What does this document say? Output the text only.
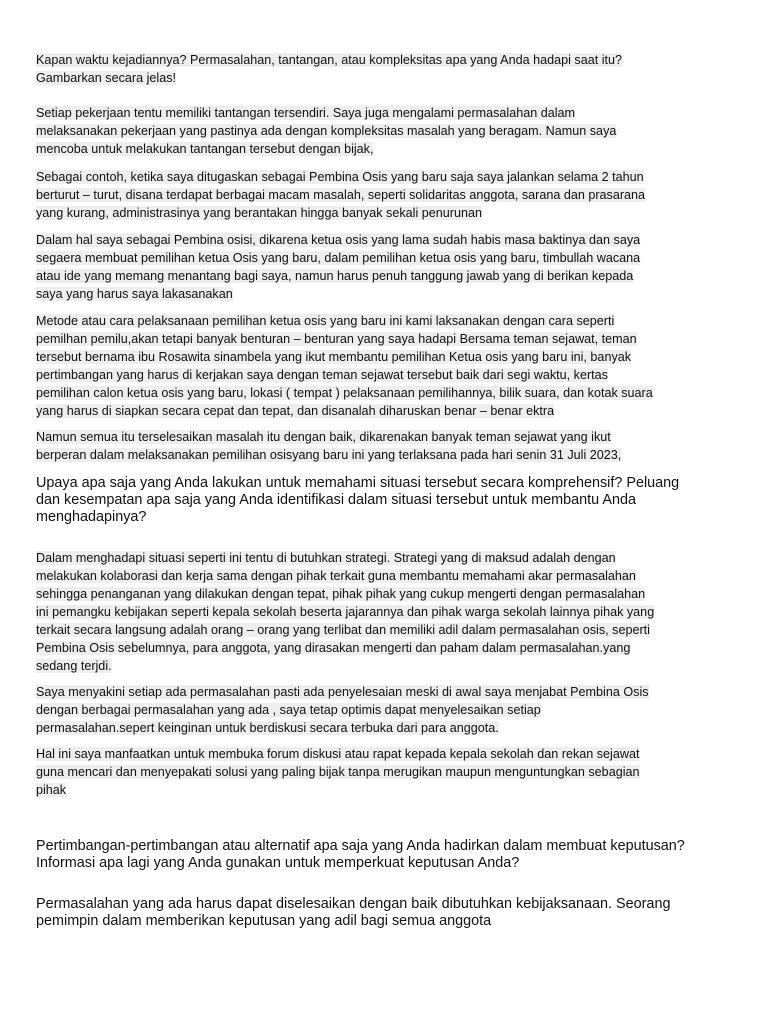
Kapan waktu kejadiannya? Permasalahan, tantangan, atau kompleksitas apa yang Anda hadapi saat itu?
Gambarkan secara jelas!

Setiap pekerjaan tentu memiliki tantangan tersendiri. Saya juga mengalami permasalahan dalam
melaksanakan pekerjaan yang pastinya ada dengan kompleksitas masalah yang beragam. Namun saya
mencoba untuk melakukan tantangan tersebut dengan bijak,

Sebagai contoh, ketika saya ditugaskan sebagai Pembina Osis yang baru saja saya jalankan selama 2 tahun
berturut – turut, disana terdapat berbagai macam masalah, seperti solidaritas anggota, sarana dan prasarana
yang kurang, administrasinya yang berantakan hingga banyak sekali penurunan

Dalam hal saya sebagai Pembina osisi, dikarena ketua osis yang lama sudah habis masa baktinya dan saya
segaera membuat pemilihan ketua Osis yang baru, dalam pemilihan ketua osis yang baru, timbullah wacana
atau ide yang memang menantang bagi saya, namun harus penuh tanggung jawab yang di berikan kepada
saya yang harus saya lakasanakan

Metode atau cara pelaksanaan pemilihan ketua osis yang baru ini kami laksanakan dengan cara seperti
pemilhan pemilu,akan tetapi banyak benturan – benturan yang saya hadapi Bersama teman sejawat, teman
tersebut bernama ibu Rosawita sinambela yang ikut membantu pemilihan Ketua osis yang baru ini, banyak
pertimbangan yang harus di kerjakan saya dengan teman sejawat tersebut baik dari segi waktu, kertas
pemilihan calon ketua osis yang baru, lokasi ( tempat ) pelaksanaan pemilihannya, bilik suara, dan kotak suara
yang harus di siapkan secara cepat dan tepat, dan disanalah diharuskan benar – benar ektra

Namun semua itu terselesaikan masalah itu dengan baik, dikarenakan banyak teman sejawat yang ikut
berperan dalam melaksanakan pemilihan osisyang baru ini yang terlaksana pada hari senin 31 Juli 2023,

Upaya apa saja yang Anda lakukan untuk memahami situasi tersebut secara komprehensif? Peluang
dan kesempatan apa saja yang Anda identifikasi dalam situasi tersebut untuk membantu Anda
menghadapinya?

Dalam menghadapi situasi seperti ini tentu di butuhkan strategi. Strategi yang di maksud adalah dengan
melakukan kolaborasi dan kerja sama dengan pihak terkait guna membantu memahami akar permasalahan
sehingga penanganan yang dilakukan dengan tepat, pihak pihak yang cukup mengerti dengan permasalahan
ini pemangku kebijakan seperti kepala sekolah beserta jajarannya dan pihak warga sekolah lainnya pihak yang
terkait secara langsung adalah orang – orang yang terlibat dan memiliki adil dalam permasalahan osis, seperti
Pembina Osis sebelumnya, para anggota, yang dirasakan mengerti dan paham dalam permasalahan.yang
sedang terjdi.

Saya menyakini setiap ada permasalahan pasti ada penyelesaian meski di awal saya menjabat Pembina Osis
dengan berbagai permasalahan yang ada , saya tetap optimis dapat menyelesaikan setiap
permasalahan.sepert keinginan untuk berdiskusi secara terbuka dari para anggota.

Hal ini saya manfaatkan untuk membuka forum diskusi atau rapat kepada kepala sekolah dan rekan sejawat
guna mencari dan menyepakati solusi yang paling bijak tanpa merugikan maupun menguntungkan sebagian
pihak

Pertimbangan-pertimbangan atau alternatif apa saja yang Anda hadirkan dalam membuat keputusan?
Informasi apa lagi yang Anda gunakan untuk memperkuat keputusan Anda?

Permasalahan yang ada harus dapat diselesaikan dengan baik dibutuhkan kebijaksanaan. Seorang
pemimpin dalam memberikan keputusan yang adil bagi semua anggota
